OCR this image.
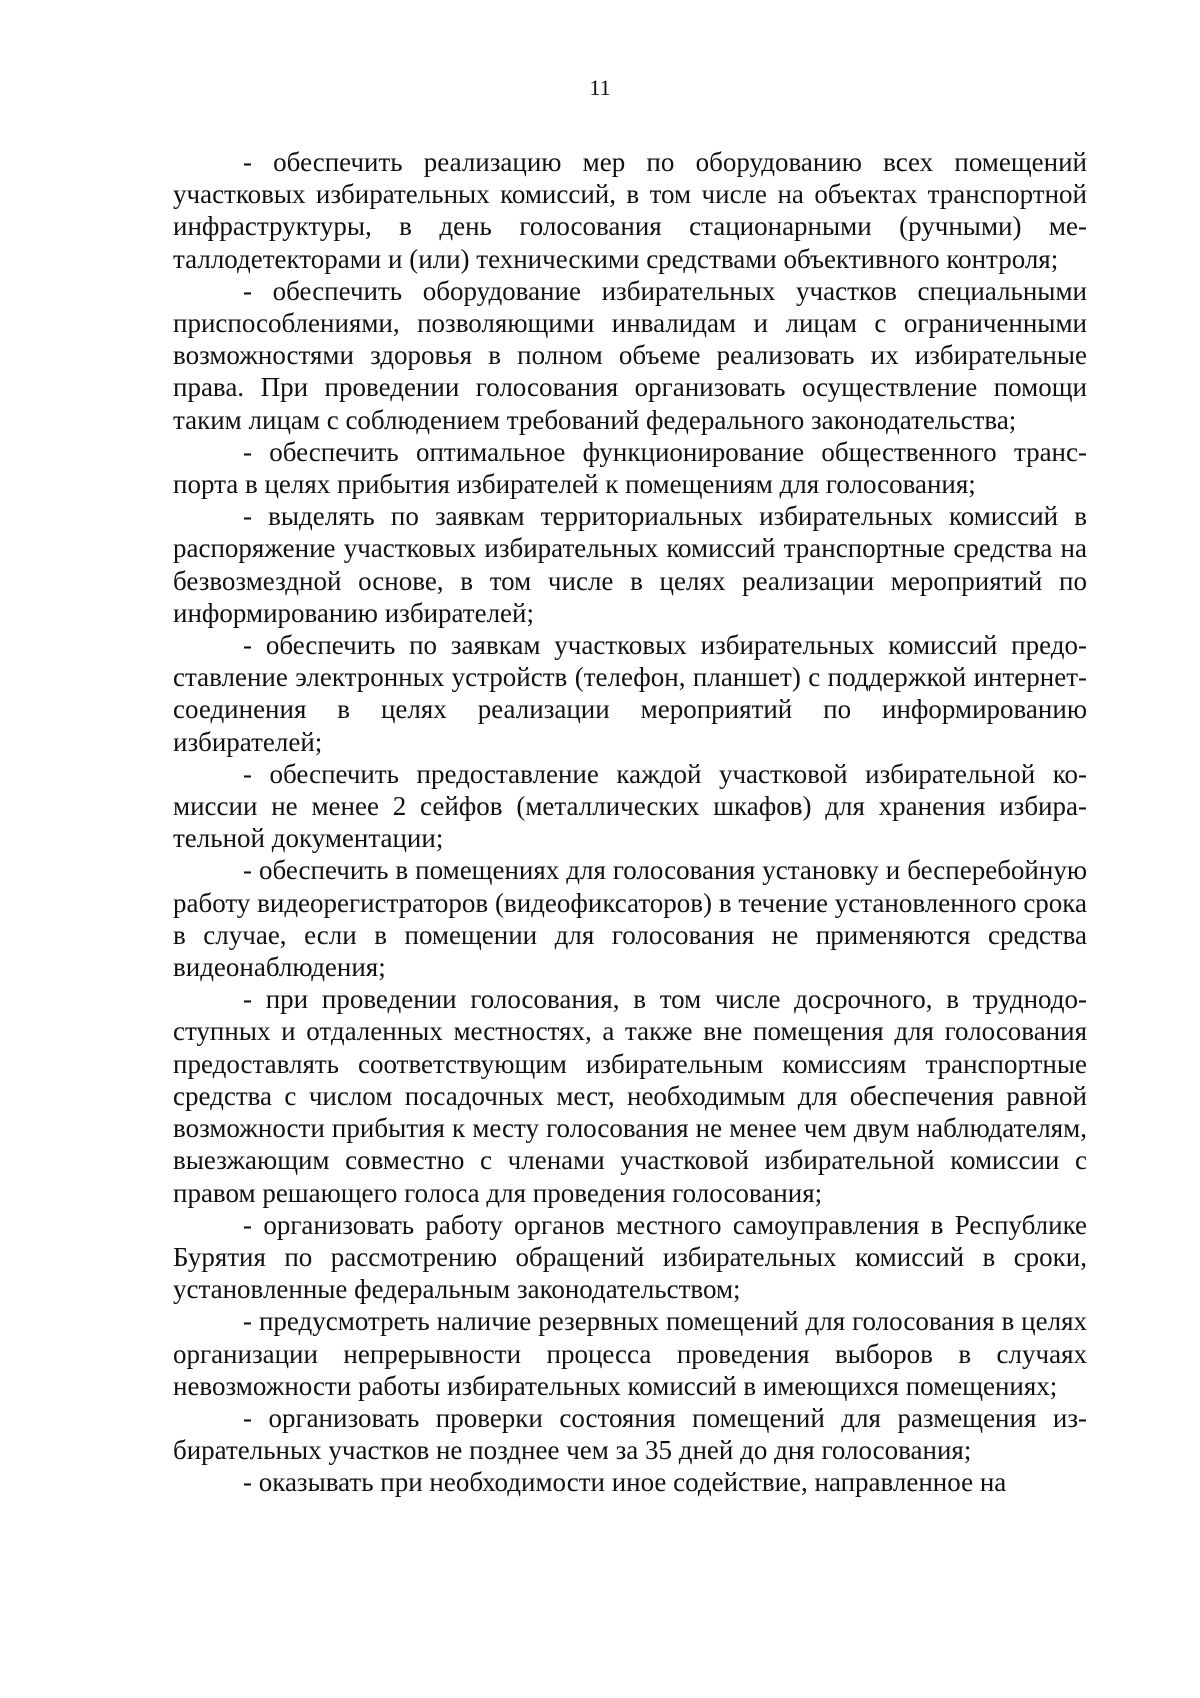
11

- обеспечить реализацию мер по оборудованию всех помещений участковых избирательных комиссий, в том числе на объектах транспортной инфраструктуры, в день голосования стационарными (ручными) металлодетекторами и (или) техническими средствами объективного контроля;

- обеспечить оборудование избирательных участков специальными приспособлениями, позволяющими инвалидам и лицам с ограниченными возможностями здоровья в полном объеме реализовать их избирательные права. При проведении голосования организовать осуществление помощи таким лицам с соблюдением требований федерального законодательства;

- обеспечить оптимальное функционирование общественного транспорта в целях прибытия избирателей к помещениям для голосования;

- выделять по заявкам территориальных избирательных комиссий в распоряжение участковых избирательных комиссий транспортные средства на безвозмездной основе, в том числе в целях реализации мероприятий по информированию избирателей;

- обеспечить по заявкам участковых избирательных комиссий предоставление электронных устройств (телефон, планшет) с поддержкой интернет-соединения в целях реализации мероприятий по информированию избирателей;

- обеспечить предоставление каждой участковой избирательной комиссии не менее 2 сейфов (металлических шкафов) для хранения избирательной документации;

- обеспечить в помещениях для голосования установку и бесперебойную работу видеорегистраторов (видеофиксаторов) в течение установленного срока в случае, если в помещении для голосования не применяются средства видеонаблюдения;

- при проведении голосования, в том числе досрочного, в труднодоступных и отдаленных местностях, а также вне помещения для голосования предоставлять соответствующим избирательным комиссиям транспортные средства с числом посадочных мест, необходимым для обеспечения равной возможности прибытия к месту голосования не менее чем двум наблюдателям, выезжающим совместно с членами участковой избирательной комиссии с правом решающего голоса для проведения голосования;

- организовать работу органов местного самоуправления в Республике Бурятия по рассмотрению обращений избирательных комиссий в сроки, установленные федеральным законодательством;

- предусмотреть наличие резервных помещений для голосования в целях организации непрерывности процесса проведения выборов в случаях невозможности работы избирательных комиссий в имеющихся помещениях;

- организовать проверки состояния помещений для размещения избирательных участков не позднее чем за 35 дней до дня голосования;

- оказывать при необходимости иное содействие, направленное на
